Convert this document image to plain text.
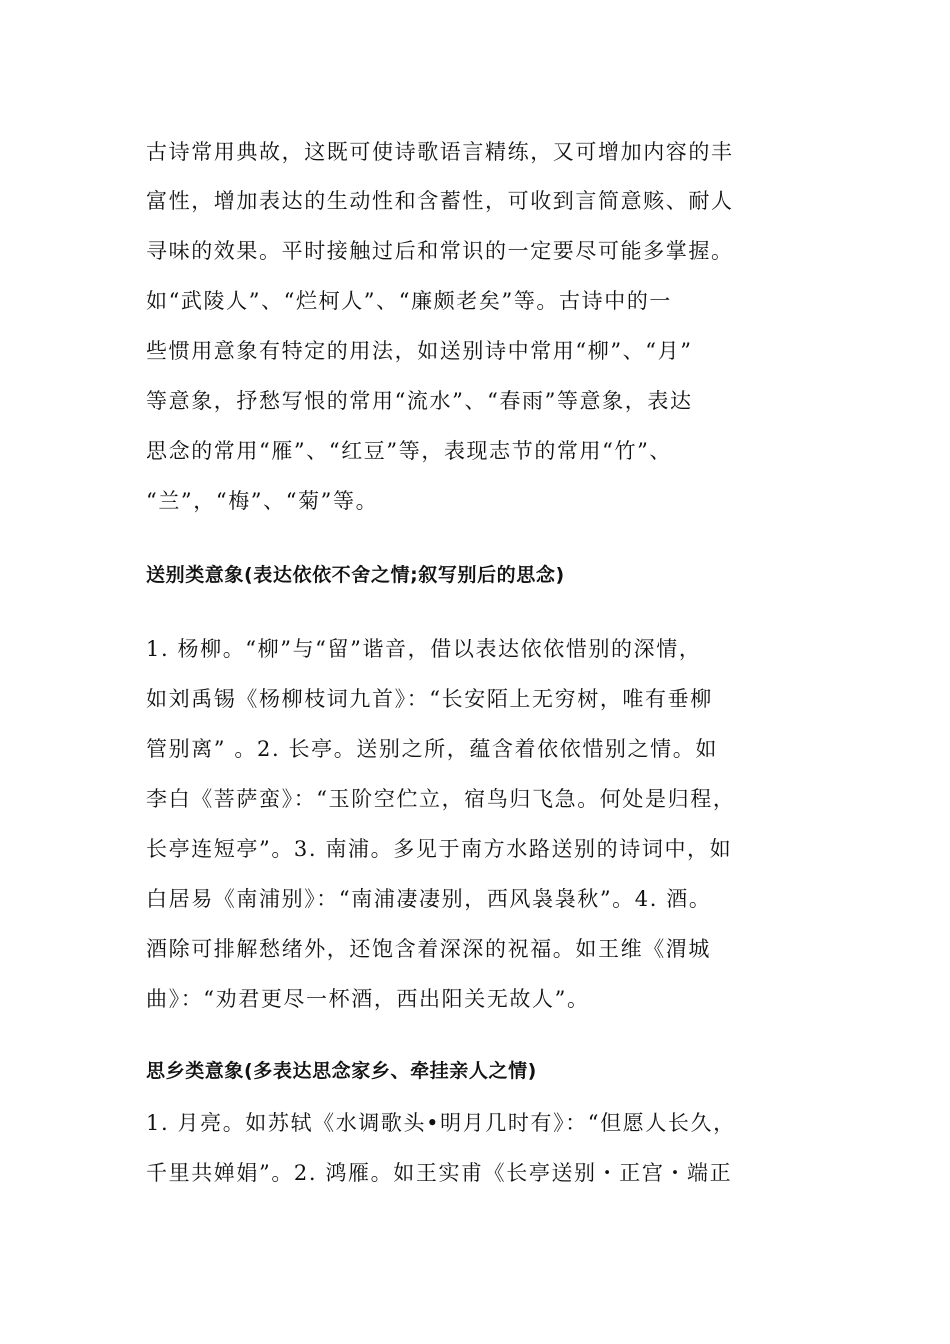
古诗常用典故，这既可使诗歌语言精练，又可增加内容的丰
富性，增加表达的生动性和含蓄性，可收到言简意赅、耐人
寻味的效果。平时接触过后和常识的一定要尽可能多掌握。
如“武陵人”、“烂柯人”、“廉颇老矣”等。古诗中的一
些惯用意象有特定的用法，如送别诗中常用“柳”、“月”
等意象，抒愁写恨的常用“流水”、“春雨”等意象，表达
思念的常用“雁”、“红豆”等，表现志节的常用“竹”、
“兰”，“梅”、“菊”等。
送别类意象(表达依依不舍之情;叙写别后的思念)
1. 杨柳。“柳”与“留”谐音，借以表达依依惜别的深情，
如刘禹锡《杨柳枝词九首》：“长安陌上无穷树，唯有垂柳
管别离” 。2. 长亭。送别之所，蕴含着依依惜别之情。如
李白《菩萨蛮》：“玉阶空伫立，宿鸟归飞急。何处是归程，
长亭连短亭”。3. 南浦。多见于南方水路送别的诗词中，如
白居易《南浦别》：“南浦凄凄别，西风袅袅秋”。4. 酒。
酒除可排解愁绪外，还饱含着深深的祝福。如王维《渭城
曲》：“劝君更尽一杯酒，西出阳关无故人”。
思乡类意象(多表达思念家乡、牵挂亲人之情)
1. 月亮。如苏轼《水调歌头•明月几时有》：“但愿人长久，
千里共婵娟”。2. 鸿雁。如王实甫《长亭送别・正宫・端正
